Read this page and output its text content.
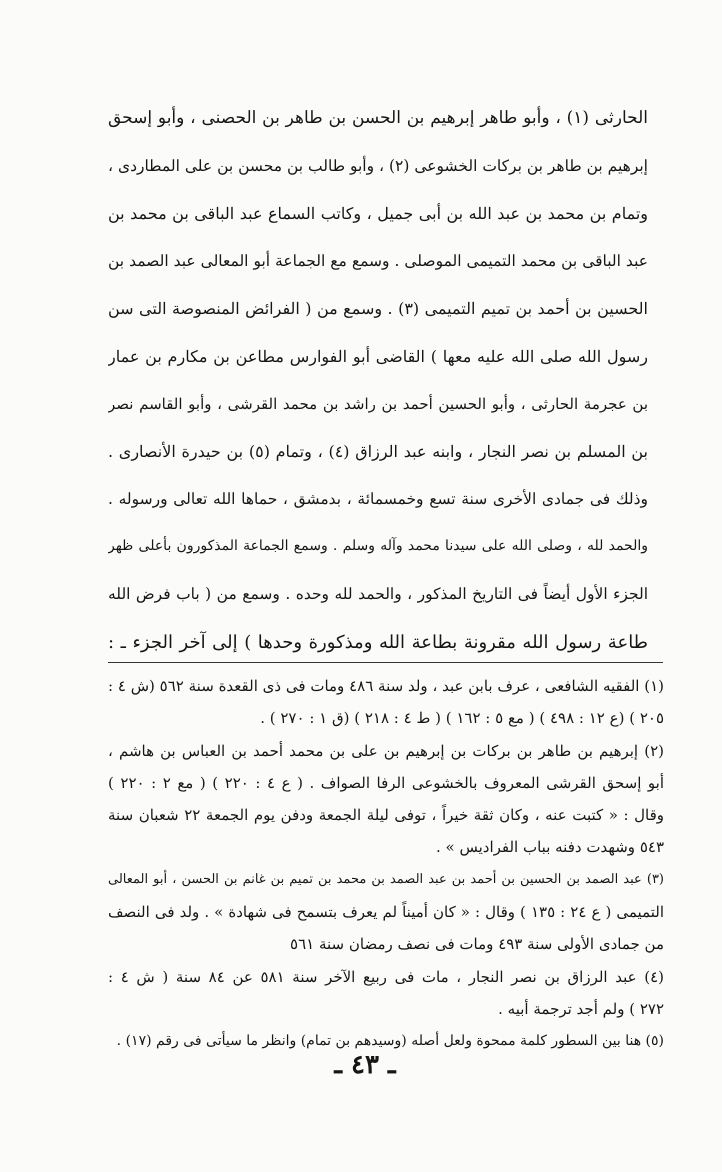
الحارثى (١) ، وأبو طاهر إبرهيم بن الحسن بن طاهر بن الحصنى ، وأبو إسحق
إبرهيم بن طاهر بن بركات الخشوعى (٢) ، وأبو طالب بن محسن بن على المطاردى ،
وتمام بن محمد بن عبد الله بن أبى جميل ، وكاتب السماع عبد الباقى بن محمد بن
عبد الباقى بن محمد التميمى الموصلى . وسمع مع الجماعة أبو المعالى عبد الصمد بن
الحسين بن أحمد بن تميم التميمى (٣) . وسمع من ( الفرائض المنصوصة التى سن
رسول الله صلى الله عليه معها ) القاضى أبو الفوارس مطاعن بن مكارم بن عمار
بن عجرمة الحارثى ، وأبو الحسين أحمد بن راشد بن محمد القرشى ، وأبو القاسم نصر
بن المسلم بن نصر النجار ، وابنه عبد الرزاق (٤) ، وتمام (٥) بن حيدرة الأنصارى .
وذلك فى جمادى الأخرى سنة تسع وخمسمائة ، بدمشق ، حماها الله تعالى ورسوله .
والحمد لله ، وصلى الله على سيدنا محمد وآله وسلم . وسمع الجماعة المذكورون بأعلى ظهر
الجزء الأول أيضاً فى التاريخ المذكور ، والحمد لله وحده . وسمع من ( باب فرض الله
طاعة رسول الله مقرونة بطاعة الله ومذكورة وحدها ) إلى آخر الجزء ـ :
(١) الفقيه الشافعى ، عرف بابن عبد ، ولد سنة ٤٨٦ ومات فى ذى القعدة سنة ٥٦٢ (ش ٤ :
٢٠٥ ) (ع ١٢ : ٤٩٨ ) ( مع ٥ : ١٦٢ ) ( ط ٤ : ٢١٨ ) (ق ١ : ٢٧٠ ) .
(٢) إبرهيم بن طاهر بن بركات بن إبرهيم بن على بن محمد أحمد بن العباس بن هاشم ،
أبو إسحق القرشى المعروف بالخشوعى الرفا الصواف . ( ع ٤ : ٢٢٠ ) ( مع ٢ : ٢٢٠ )
وقال : « كتبت عنه ، وكان ثقة خيراً ، توفى ليلة الجمعة ودفن يوم الجمعة ٢٢ شعبان سنة
٥٤٣ وشهدت دفنه بباب الفراديس » .
(٣) عبد الصمد بن الحسين بن أحمد بن عبد الصمد بن محمد بن تميم بن غانم بن الحسن ، أبو المعالى
التميمى ( ع ٢٤ : ١٣٥ ) وقال : « كان أميناً لم يعرف بتسمح فى شهادة » . ولد فى النصف
من جمادى الأولى سنة ٤٩٣ ومات فى نصف رمضان سنة ٥٦١
(٤) عبد الرزاق بن نصر النجار ، مات فى ربيع الآخر سنة ٥٨١ عن ٨٤ سنة ( ش ٤ :
٢٧٢ ) ولم أجد ترجمة أبيه .
(٥) هنا بين السطور كلمة ممحوة ولعل أصله (وسيدهم بن تمام) وانظر ما سيأتى فى رقم (١٧) .
ـ ٤٣ ـ
